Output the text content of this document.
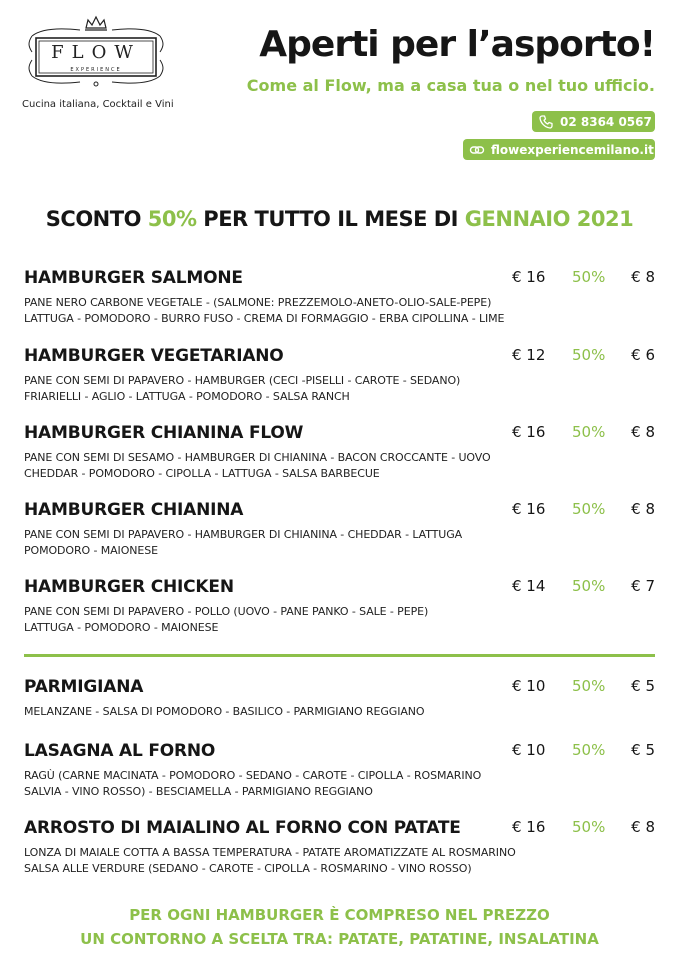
FLOW
EXPERIENCE
Cucina italiana, Cocktail e Vini
Aperti per l’asporto!
Come al Flow, ma a casa tua o nel tuo ufficio.
02 8364 0567
flowexperiencemilano.it
SCONTO 50% PER TUTTO IL MESE DI GENNAIO 2021
HAMBURGER SALMONE	€ 16 50% € 8
PANE NERO CARBONE VEGETALE - (SALMONE: PREZZEMOLO-ANETO-OLIO-SALE-PEPE)
LATTUGA - POMODORO - BURRO FUSO - CREMA DI FORMAGGIO - ERBA CIPOLLINA - LIME
HAMBURGER VEGETARIANO	€ 12 50% € 6
PANE CON SEMI DI PAPAVERO - HAMBURGER (CECI -PISELLI - CAROTE - SEDANO)
FRIARIELLI - AGLIO - LATTUGA - POMODORO - SALSA RANCH
HAMBURGER CHIANINA FLOW	€ 16 50% € 8
PANE CON SEMI DI SESAMO - HAMBURGER DI CHIANINA - BACON CROCCANTE - UOVO
CHEDDAR - POMODORO - CIPOLLA - LATTUGA - SALSA BARBECUE
HAMBURGER CHIANINA	€ 16 50% € 8
PANE CON SEMI DI PAPAVERO - HAMBURGER DI CHIANINA - CHEDDAR - LATTUGA
POMODORO - MAIONESE
HAMBURGER CHICKEN	€ 14 50% € 7
PANE CON SEMI DI PAPAVERO - POLLO (UOVO - PANE PANKO - SALE - PEPE)
LATTUGA - POMODORO - MAIONESE
PARMIGIANA	€ 10 50% € 5
MELANZANE - SALSA DI POMODORO - BASILICO - PARMIGIANO REGGIANO
LASAGNA AL FORNO	€ 10 50% € 5
RAGÙ (CARNE MACINATA - POMODORO - SEDANO - CAROTE - CIPOLLA - ROSMARINO
SALVIA - VINO ROSSO) - BESCIAMELLA - PARMIGIANO REGGIANO
ARROSTO DI MAIALINO AL FORNO CON PATATE	€ 16 50% € 8
LONZA DI MAIALE COTTA A BASSA TEMPERATURA - PATATE AROMATIZZATE AL ROSMARINO
SALSA ALLE VERDURE (SEDANO - CAROTE - CIPOLLA - ROSMARINO - VINO ROSSO)
PER OGNI HAMBURGER È COMPRESO NEL PREZZO
UN CONTORNO A SCELTA TRA: PATATE, PATATINE, INSALATINA
